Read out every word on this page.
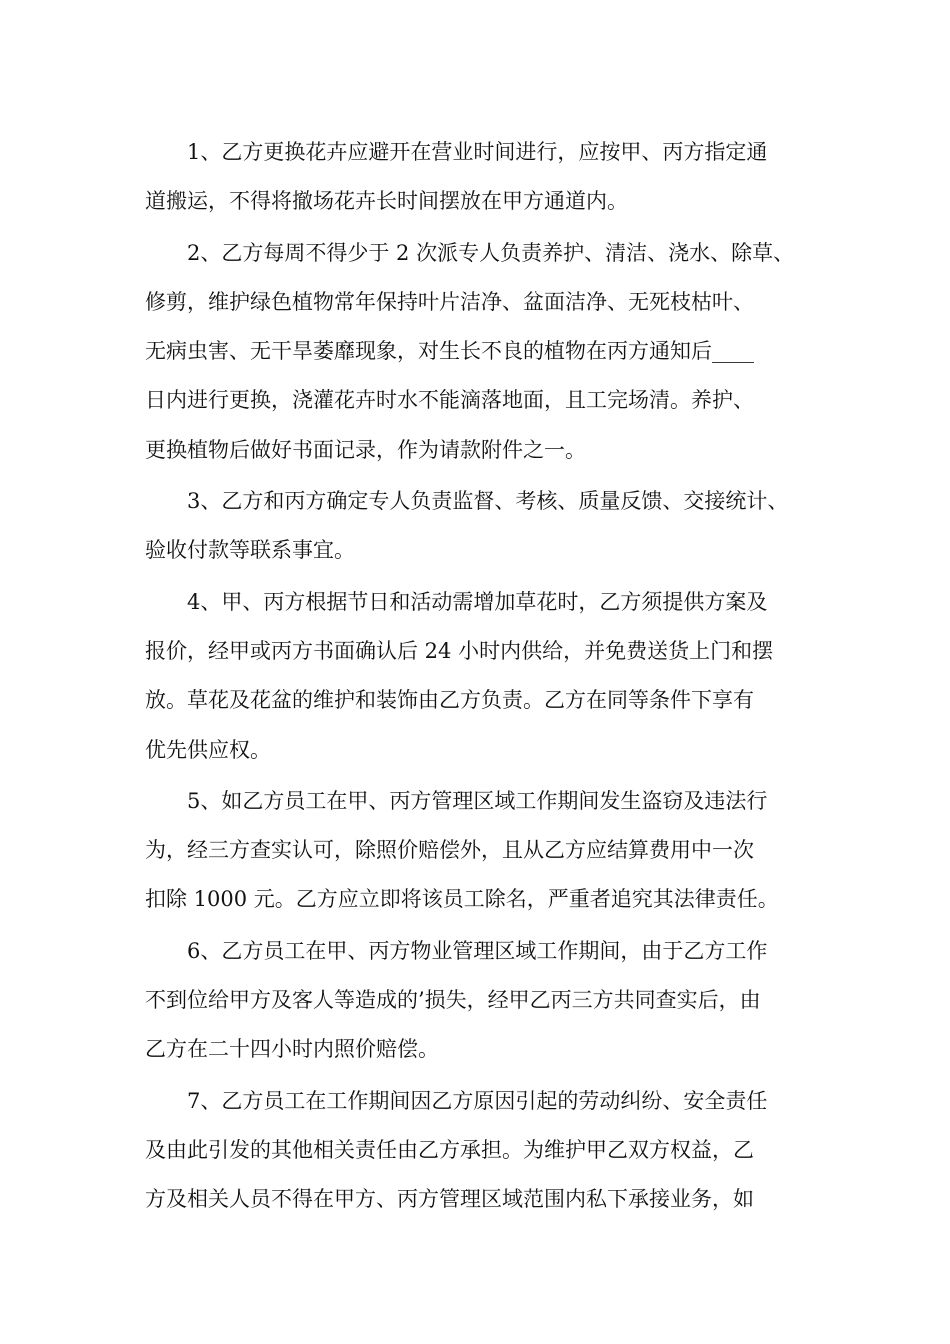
1、乙方更换花卉应避开在营业时间进行，应按甲、丙方指定通
道搬运，不得将撤场花卉长时间摆放在甲方通道内。

2、乙方每周不得少于 2 次派专人负责养护、清洁、浇水、除草、
修剪，维护绿色植物常年保持叶片洁净、盆面洁净、无死枝枯叶、
无病虫害、无干旱萎靡现象，对生长不良的植物在丙方通知后____
日内进行更换，浇灌花卉时水不能滴落地面，且工完场清。养护、
更换植物后做好书面记录，作为请款附件之一。

3、乙方和丙方确定专人负责监督、考核、质量反馈、交接统计、
验收付款等联系事宜。

4、甲、丙方根据节日和活动需增加草花时，乙方须提供方案及
报价，经甲或丙方书面确认后 24 小时内供给，并免费送货上门和摆
放。草花及花盆的维护和装饰由乙方负责。乙方在同等条件下享有
优先供应权。

5、如乙方员工在甲、丙方管理区域工作期间发生盗窃及违法行
为，经三方查实认可，除照价赔偿外，且从乙方应结算费用中一次
扣除 1000 元。乙方应立即将该员工除名，严重者追究其法律责任。

6、乙方员工在甲、丙方物业管理区域工作期间，由于乙方工作
不到位给甲方及客人等造成的’损失，经甲乙丙三方共同查实后，由
乙方在二十四小时内照价赔偿。

7、乙方员工在工作期间因乙方原因引起的劳动纠纷、安全责任
及由此引发的其他相关责任由乙方承担。为维护甲乙双方权益，乙
方及相关人员不得在甲方、丙方管理区域范围内私下承接业务，如
